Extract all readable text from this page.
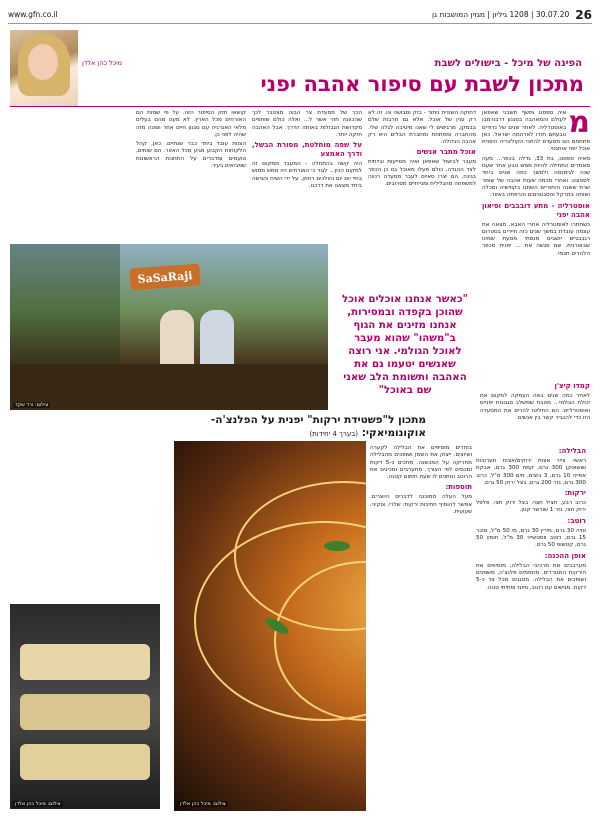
26
30.07.20 | 1208 גיליון | מגזין המושבות גן
www.gfn.co.il
מיכל כהן אלדן	הפינה של מיכל - בישולים לשבת
מתכון לשבת עם סיפור אהבה יפני

מ
איה ספסנו ותשף חשבני שאפאן לעולם והמאהבה בסגנון דרבורמבו באוסטרליה. לאחר שנים של נדודים טבעתם חזרו לארהמה ישראל. כאן פתחתם הם מסעדם להוזכי הקולינריה היפנית אוכל יפני אותנטי.

מאיה ספסנו, בת 33, גדלה בכפר... מעה מאמרים התחילה להיות ממש טבע אחר שעם שנה לגימנסה ולמשך כמה שנים ביחד לסטונט. ואחרי מכמה שעות אהבה של שומר שרת ששנה והחוריים השתנו בקווישיה ומכלה ושותה במרקל והסגנוניםים והרפתה באזור.

אוסטרליה - מתע דובבבים ופיאון אהבה יפני

כשחתרו לאוסטרליה אחרי האבא, מצאה את עצמה עובדת במשך שנים כזה תיירים בסטרום רגבבגיים יושבים מנסתי מסעת שמינו שבאורגית. שם פגשה את ... יפנית מכפר הלהרים חכמי.

דחוקה השזנית גיתור - בזק וסבושה ונו. זה לא רק ענין של אוכל. אלא גם תרבות שלם בבמקן, מרגישים לי שאנו מיטיבה לגלה שלי. מהחברה ומפתחת ומחברת הבלים היא רק אהבה הגדולה.

אוכל מתבר אנשים

מעבר לבישול שאפאן ואיה מסייעות ובייתית לצד ההגדה, כולם פעלו מאוכל גם כן הכפר בגינה. הם יצרו סאיים לעבר מסעדה רנווה למשפחה מהגלילית ומנייתיים מסרובים.

הכר של מסעדת צר הבוה מצטבר לכך שהכוונה חזר אשר ל... ואלה כולם שותפים מקדושת הגבולות באותה הדרך. אבל האהבה חזקה יותר.

על שפה מוחלטת, מסורת הבשל, ודרך האמצע

היה קשה בהתחלה - המעבר ממקום זה למקום הכין... לגוד כי האורחים היו ממש ממוש בחיי יום יום והולכים רחוק. על ידי השיח והגישה ביחד מצאנו את דרכנו.

קושאו חזק הסיפור הזה. על פי שמות הם האורחים מכל הארץ. לא מעט מהם בעלים מלאי האנרגיה עם סגנון חיים אחר ושונה מזה שהיה לפני כן.

הצוות עובד ביחד כבר שנתיים. כאן, קהל הלקוחות הקבוע מגיע מכל האזור. הם שותים, טועמים ומדברים על התחנות הראשונות שמביאים בעיר.

SaSaRaji
צילום: ורד שקד
"כאשר אנחנו אוכלים אוכל שהוכן בקפדה ובמסירות, אנחנו מזינים את הגוף ב"משהו" שהוא מעבר לאוכל הגולמי. אני רוצה שאנשים יטעמו גם את האהבה ותשומת הלב שאני שם באוכל"	קמדו קיצ'ן

לאחר כמה שנים באה העסקה למקום את יכולת הגולמי... מטבח שמשלב סגנונות יפניים ואוסטרליים. הם החליטו להרים את המסעדה הזו כדי להגביר קשר בין אנשים.

מתכון ל"פשטידת ירקות" יפנית על הפלנצ'ה- אוקונומיאקי: (בערך 4 יחידות)
צילום: מיכל כהן אלדן
הבלילה:

ראשי- צייר אצות ירוקים/אצות תערובות שושאוקן 300 גרם, קמח 300 גרם, אבקת אפייה 10 גרם, 3 ביצים, מים 300 מ"ל, כרוב 300 גרם, גזר 200 גרם, בצל ירוק 50 גרם.

ירקות:

כרוב רבע, חציל חצוי, בצל ירוק חצי, פלפל ירוק חצי, גזר 1 שורשר קטן.

רוטב:

סויה 30 גרם, מירין 30 גרם, מי 50 מ"ל, סוכר 15 גרם, רוטב ווסטשייר 30 מ"ל, חומץ 50 גרם, קטשופ 50 גרם.

אופן ההכנה:

מערבבים את מרכיבי הבלילה, מוסיפים את הירקות המגוררים. מחממים פלנצ'ה, משמנים ושופכים את הבלילה. מטגנים מכל צד כ-5 דקות. מגישים עם רוטב, מיונז ופתיתי טונה.

בוחרים מוסיפים את הבלילה לקערה ושיוצים. ייצוק את השמן ושופכים מהבלילה מחריקה על המכשנה. מחכים כ-5 דקות ומכסים לפי הצורך. מתערבים ומכינים את הרוטב ונותנים לו שעת חימום קטנה.

תוספות:

מעל העלה ממוכנה לדברים היוצרים. אפשר להוסיף חתיכות ירקות: שלרי, צוקיני, שעועית.

צילום: מיכל כהן אלדן
